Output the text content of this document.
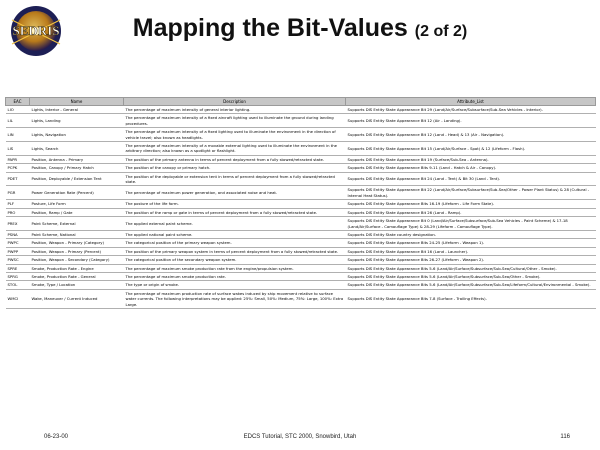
SEDRIS	Mapping the Bit-Values (2 of 2)
EAC	Name	Description	Attribute_List
LIO	Lights, Interior - General	The percentage of maximum intensity of general interior lighting.	Supports DIS Entity State Appearance Bit 29 (Land/Air/Surface/Subsurface/Sub-Sea Vehicles - Interior).
LIL	Lights, Landing	The percentage of maximum intensity of a fixed aircraft lighting used to illuminate the ground during landing procedures.	Supports DIS Entity State Appearance Bit 12 (Air - Landing).
LIN	Lights, Navigation	The percentage of maximum intensity of a fixed lighting used to illuminate the environment in the direction of vehicle travel; also known as headlights.	Supports DIS Entity State Appearance Bit 12 (Land - Head) & 13 (Air - Navigation).
LIS	Lights, Search	The percentage of maximum intensity of a movable external lighting used to illuminate the environment in the arbitrary direction; also known as a spotlight or flashlight.	Supports DIS Entity State Appearance Bit 15 (Land/Air/Surface - Spot) & 12 (Lifeform - Flash).
PAPR	Position, Antenna - Primary	The position of the primary antenna in terms of percent deployment from a fully stowed/retracted state.	Supports DIS Entity State Appearance Bit 19 (Surface/Sub-Sea - Antenna).
PCPK	Position, Canopy / Primary Hatch	The position of the canopy or primary hatch.	Supports DIS Entity State Appearance Bits 9-11 (Land - Hatch & Air - Canopy).
PDET	Position, Deployable / Extension Tent	The position of the deployable or extension tent in terms of percent deployment from a fully stowed/retracted state.	Supports DIS Entity State Appearance Bit 24 (Land - Tent) & Bit 30 (Land - Tent).
PGR	Power Generation Rate (Percent)	The percentage of maximum power generation, and associated noise and heat.	Supports DIS Entity State Appearance Bit 22 (Land/Air/Surface/Subsurface/Sub-Sea/Other - Power Plant Status) & 28 (Cultural - Internal Heat Status).
PLF	Posture, Life Form	The posture of the life form.	Supports DIS Entity State Appearance Bits 16-19 (Lifeform - Life Form State).
PRO	Position, Ramp / Gate	The position of the ramp or gate in terms of percent deployment from a fully stowed/retracted state.	Supports DIS Entity State Appearance Bit 26 (Land - Ramp).
PREX	Paint Scheme, External	The applied external paint scheme.	Supports DIS Entity State Appearance Bit 0 (Land/Air/Surface/Subsurface/Sub-Sea Vehicles - Paint Scheme) & 17-18 (Land/Air/Surface - Camouflage Type) & 28-29 (Lifeform - Camouflage Type).
PSNA	Paint Scheme, National	The applied national paint scheme.	Supports DIS Entity State country designation.
PWPC	Position, Weapon - Primary (Category)	The categorical position of the primary weapon system.	Supports DIS Entity State Appearance Bits 24-25 (Lifeform - Weapon 1).
PWPP	Position, Weapon - Primary (Percent)	The position of the primary weapon system in terms of percent deployment from a fully stowed/retracted state.	Supports DIS Entity State Appearance Bit 16 (Land - Launcher).
PWSC	Position, Weapon - Secondary (Category)	The categorical position of the secondary weapon system.	Supports DIS Entity State Appearance Bits 26-27 (Lifeform - Weapon 2).
SPRE	Smoke, Production Rate - Engine	The percentage of maximum smoke production rate from the engine/propulsion system.	Supports DIS Entity State Appearance Bits 5-6 (Land/Air/Surface/Subsurface/Sub-Sea/Cultural/Other - Smoke).
SPRG	Smoke, Production Rate - General	The percentage of maximum smoke production rate.	Supports DIS Entity State Appearance Bits 5-6 (Land/Air/Surface/Subsurface/Sub-Sea/Other - Smoke).
STOL	Smoke, Type / Location	The type or origin of smoke.	Supports DIS Entity State Appearance Bits 5-6 (Land/Air/Surface/Subsurface/Sub-Sea/Lifeform/Cultural/Environmental - Smoke).
WMCI	Wake, Maneuver / Current Induced	The percentage of maximum production rate of surface wakes induced by ship movement relative to surface water currents. The following interpretations may be applied: 25%: Small, 50%: Medium, 75%: Large, 100%: Extra Large.	Supports DIS Entity State Appearance Bits 7-8 (Surface - Trailing Effects).
06-23-00	EDCS Tutorial, STC 2000, Snowbird, Utah	116
